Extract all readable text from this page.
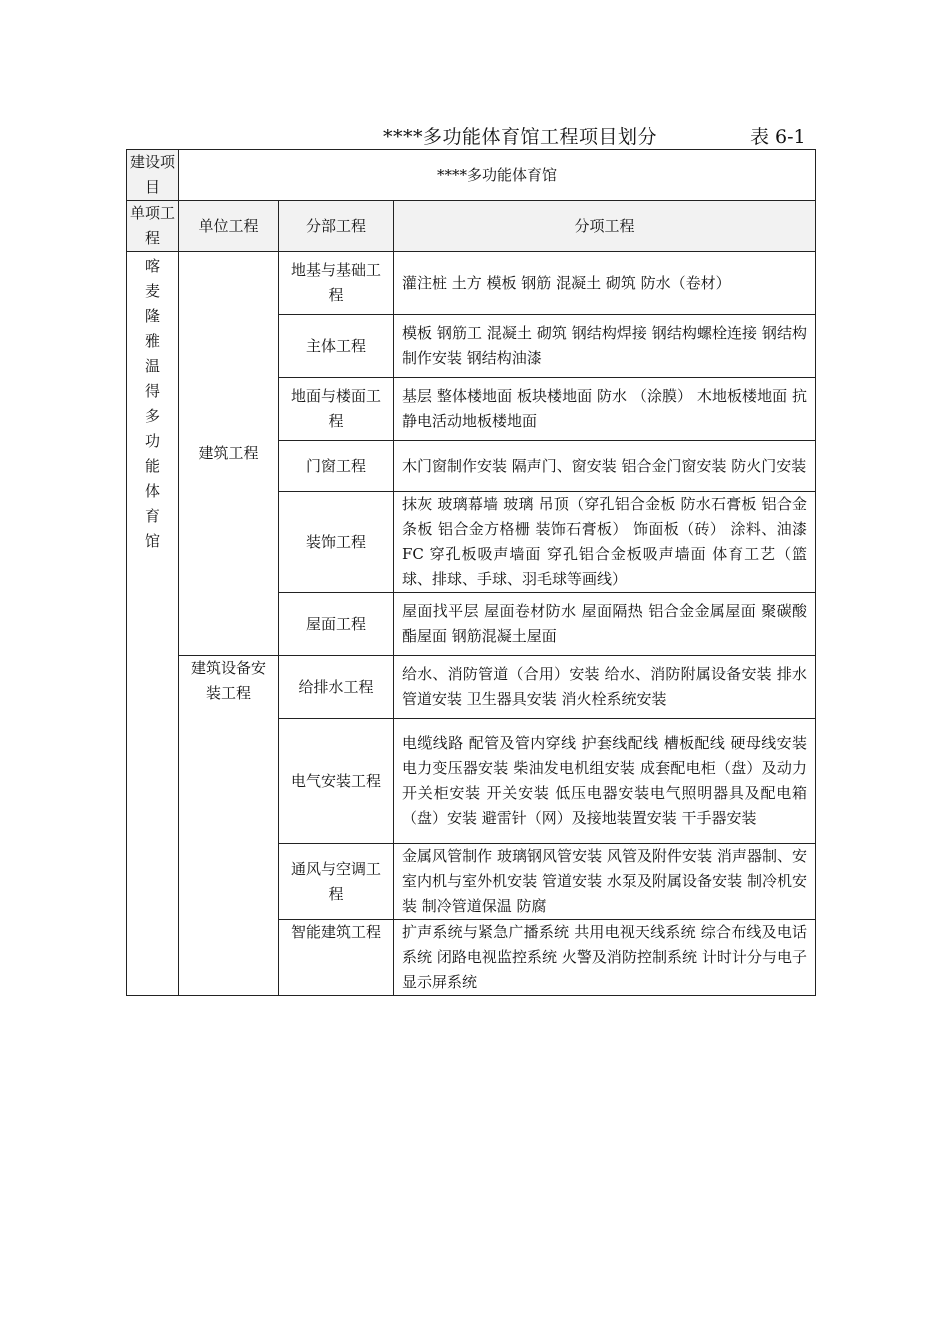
****多功能体育馆工程项目划分	表 6-1
建设项目	****多功能体育馆		
单项工程	单位工程	分部工程	分项工程
喀麦隆雅温得多功能体育馆	建筑工程	地基与基础工程	灌注桩 土方 模板 钢筋 混凝土 砌筑 防水（卷材）
		主体工程	模板 钢筋工 混凝土 砌筑 钢结构焊接 钢结构螺栓连接 钢结构制作安装 钢结构油漆
		地面与楼面工程	基层 整体楼地面 板块楼地面 防水 （涂膜） 木地板楼地面 抗静电活动地板楼地面
		门窗工程	木门窗制作安装 隔声门、窗安装 铝合金门窗安装 防火门安装
		装饰工程	抹灰 玻璃幕墙 玻璃 吊顶（穿孔铝合金板 防水石膏板 铝合金条板 铝合金方格栅 装饰石膏板） 饰面板（砖） 涂料、油漆 FC 穿孔板吸声墙面 穿孔铝合金板吸声墙面 体育工艺（篮球、排球、手球、羽毛球等画线）
		屋面工程	屋面找平层 屋面卷材防水 屋面隔热 铝合金金属屋面 聚碳酸酯屋面 钢筋混凝土屋面
	建筑设备安装工程	给排水工程	给水、消防管道（合用）安装 给水、消防附属设备安装 排水管道安装 卫生器具安装 消火栓系统安装
		电气安装工程	电缆线路 配管及管内穿线 护套线配线 槽板配线 硬母线安装 电力变压器安装 柴油发电机组安装 成套配电柜（盘）及动力开关柜安装 开关安装 低压电器安装电气照明器具及配电箱（盘）安装 避雷针（网）及接地装置安装 干手器安装
		通风与空调工程	金属风管制作 玻璃钢风管安装 风管及附件安装 消声器制、安 室内机与室外机安装 管道安装 水泵及附属设备安装 制冷机安装 制冷管道保温 防腐
		智能建筑工程	扩声系统与紧急广播系统 共用电视天线系统 综合布线及电话系统 闭路电视监控系统 火警及消防控制系统 计时计分与电子显示屏系统
